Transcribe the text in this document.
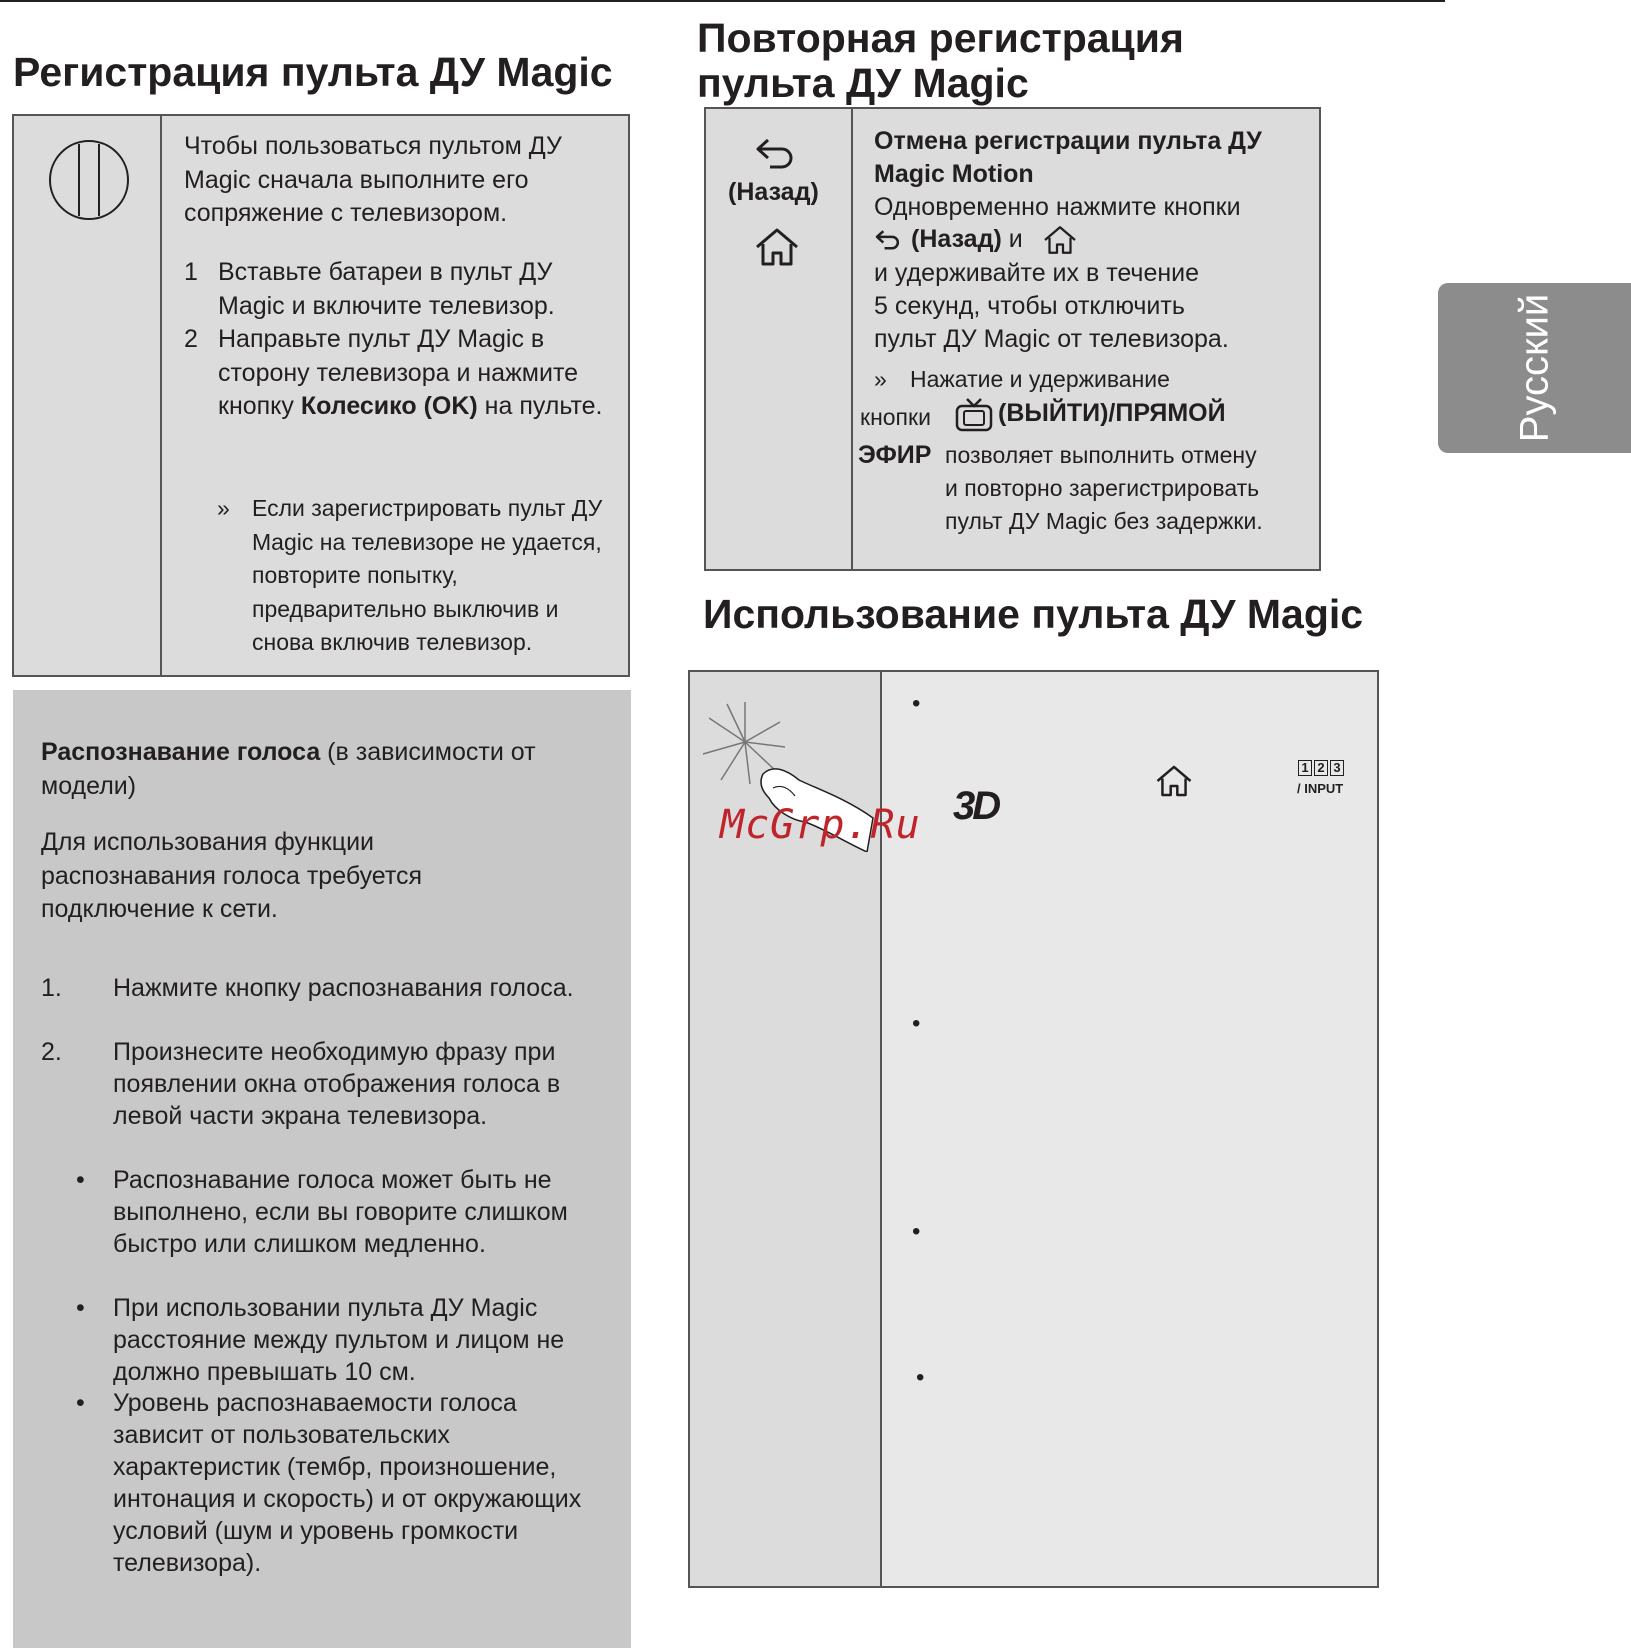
Регистрация пульта ДУ Magic
Чтобы пользоваться пультом ДУ Magic сначала выполните его сопряжение с телевизором.
1 Вставьте батареи в пульт ДУ Magic и включите телевизор.
2 Направьте пульт ДУ Magic в сторону телевизора и нажмите кнопку Колесико (OK) на пульте.
» Если зарегистрировать пульт ДУ Magic на телевизоре не удается, повторите попытку, предварительно выключив и снова включив телевизор.
Распознавание голоса (в зависимости от модели)
Для использования функции распознавания голоса требуется подключение к сети.
1. Нажмите кнопку распознавания голоса.
2. Произнесите необходимую фразу при появлении окна отображения голоса в левой части экрана телевизора.
• Распознавание голоса может быть не выполнено, если вы говорите слишком быстро или слишком медленно.
• При использовании пульта ДУ Magic расстояние между пультом и лицом не должно превышать 10 см.
• Уровень распознаваемости голоса зависит от пользовательских характеристик (тембр, произношение, интонация и скорость) и от окружающих условий (шум и уровень громкости телевизора).
Повторная регистрация
пульта ДУ Magic
(Назад)
Отмена регистрации пульта ДУ Magic Motion
Одновременно нажмите кнопки
(Назад) и
и удерживайте их в течение
5 секунд, чтобы отключить
пульт ДУ Magic от телевизора.
» Нажатие и удерживание
кнопки	(ВЫЙТИ)/ПРЯМОЙ
ЭФИР позволяет выполнить отмену
и повторно зарегистрировать
пульт ДУ Magic без задержки.
Русский
Использование пульта ДУ Magic
McGrp.Ru
•
•
•
•
3D
1 2 3
/ INPUT
